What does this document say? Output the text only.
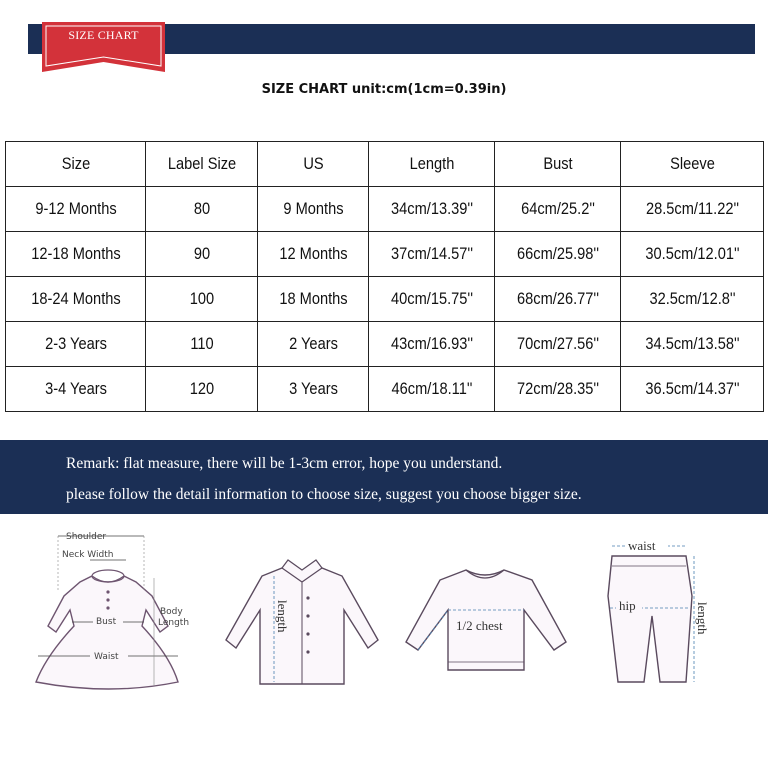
SIZE CHART
SIZE CHART unit:cm(1cm=0.39in)
Size	Label Size	US	Length	Bust	Sleeve
9-12 Months	80	9 Months	34cm/13.39''	64cm/25.2''	28.5cm/11.22''
12-18 Months	90	12 Months	37cm/14.57''	66cm/25.98''	30.5cm/12.01''
18-24 Months	100	18 Months	40cm/15.75''	68cm/26.77''	32.5cm/12.8''
2-3 Years	110	2 Years	43cm/16.93''	70cm/27.56''	34.5cm/13.58''
3-4 Years	120	3 Years	46cm/18.11''	72cm/28.35''	36.5cm/14.37''
Remark: flat measure, there will be 1-3cm error, hope you understand.
please follow the detail information to choose size, suggest you choose bigger size.
Shoulder
Neck Width
Bust
Waist
Body
Length	length	1/2 chest
waist
hip	length
